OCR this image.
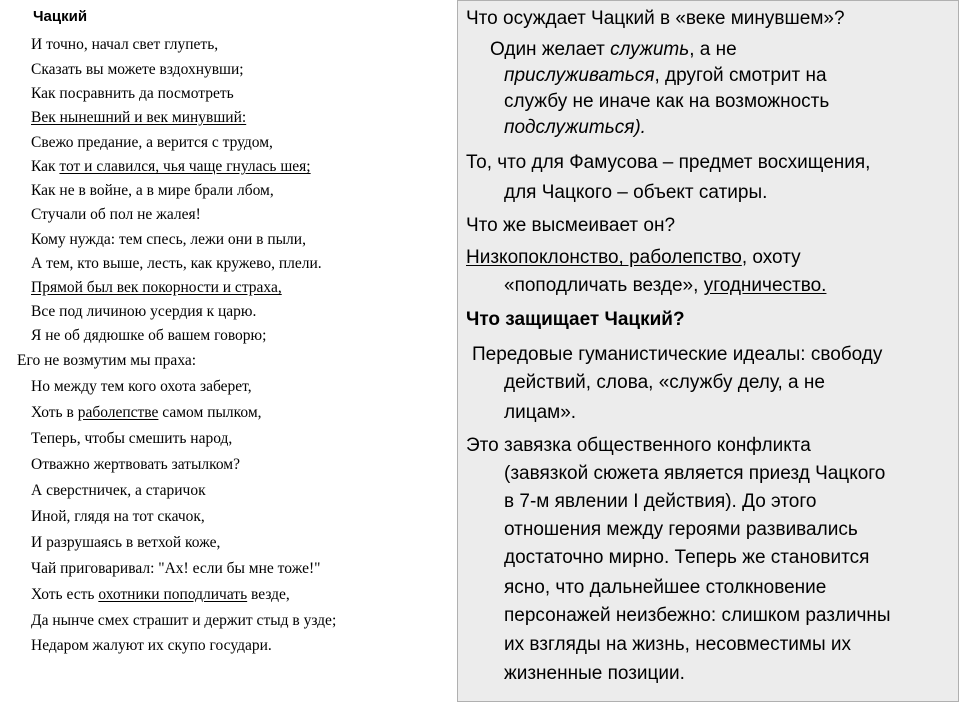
Чацкий
И точно, начал свет глупеть,
Сказать вы можете вздохнувши;
Как посравнить да посмотреть
Век нынешний и век минувший:
Свежо предание, а верится с трудом,
Как тот и славился, чья чаще гнулась шея;
Как не в войне, а в мире брали лбом,
Стучали об пол не жалея!
Кому нужда: тем спесь, лежи они в пыли,
А тем, кто выше, лесть, как кружево, плели.
Прямой был век покорности и страха,
Все под личиною усердия к царю.
Я не об дядюшке об вашем говорю;
Его не возмутим мы праха:
Но между тем кого охота заберет,
Хоть в раболепстве самом пылком,
Теперь, чтобы смешить народ,
Отважно жертвовать затылком?
А сверстничек, а старичок
Иной, глядя на тот скачок,
И разрушаясь в ветхой коже,
Чай приговаривал: "Ах! если бы мне тоже!"
Хоть есть охотники поподличать везде,
Да нынче смех страшит и держит стыд в узде;
Недаром жалуют их скупо государи.
Что осуждает Чацкий в «веке минувшем»?
Один желает служить, а не
прислуживаться, другой смотрит на
службу не иначе как на возможность
подслужиться).
То, что для Фамусова – предмет восхищения,
для Чацкого – объект сатиры.
Что же высмеивает он?
Низкопоклонство, раболепство, охоту
«поподличать везде», угодничество.
Что защищает Чацкий?
Передовые гуманистические идеалы: свободу
действий, слова, «службу делу, а не
лицам».
Это завязка общественного конфликта
(завязкой сюжета является приезд Чацкого
в 7-м явлении I действия). До этого
отношения между героями развивались
достаточно мирно. Теперь же становится
ясно, что дальнейшее столкновение
персонажей неизбежно: слишком различны
их взгляды на жизнь, несовместимы их
жизненные позиции.
